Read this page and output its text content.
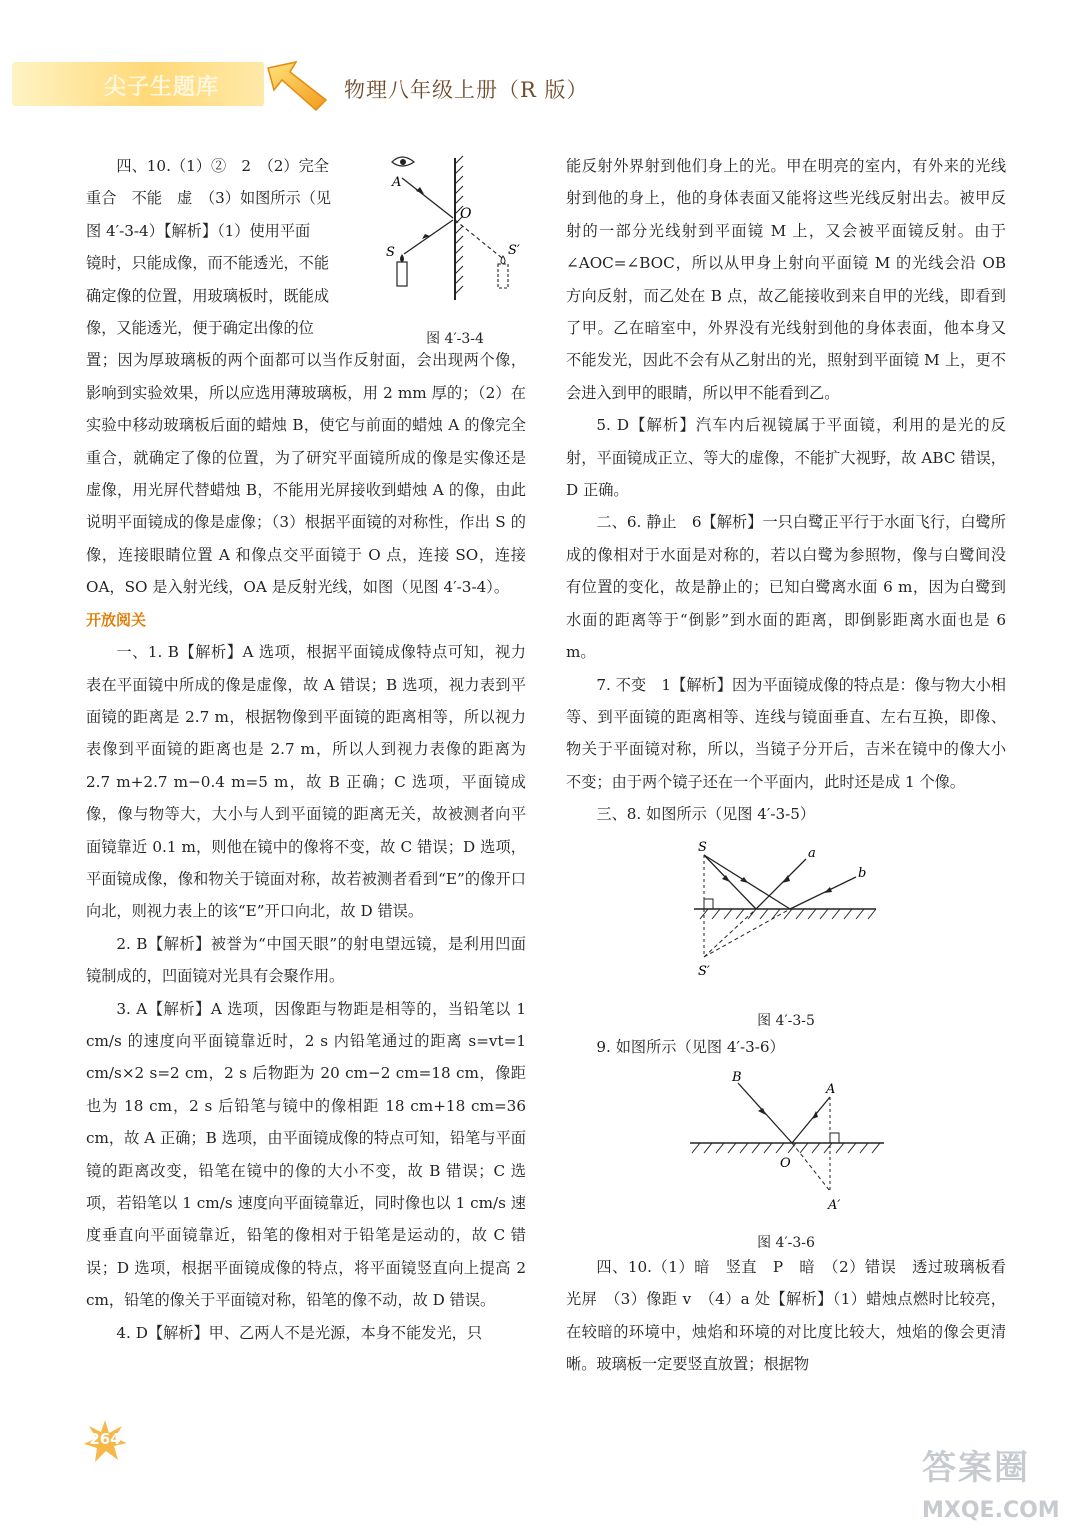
尖子生题库	物理八年级上册（R 版）

四、10.（1）②　2　（2）完全

重合　不能　虚　（3）如图所示（见

图 4′-3-4）【解析】（1）使用平面

镜时，只能成像，而不能透光，不能

确定像的位置，用玻璃板时，既能成

像，又能透光，便于确定出像的位

置；因为厚玻璃板的两个面都可以当作反射面，会出现两个像，影响到实验效果，所以应选用薄玻璃板，用 2 mm 厚的；（2）在实验中移动玻璃板后面的蜡烛 B，使它与前面的蜡烛 A 的像完全重合，就确定了像的位置，为了研究平面镜所成的像是实像还是虚像，用光屏代替蜡烛 B，不能用光屏接收到蜡烛 A 的像，由此说明平面镜成的像是虚像；（3）根据平面镜的对称性，作出 S 的像，连接眼睛位置 A 和像点交平面镜于 O 点，连接 SO，连接 OA，SO 是入射光线，OA 是反射光线，如图（见图 4′-3-4）。

开放阅关

一、1. B【解析】A 选项，根据平面镜成像特点可知，视力表在平面镜中所成的像是虚像，故 A 错误；B 选项，视力表到平面镜的距离是 2.7 m，根据物像到平面镜的距离相等，所以视力表像到平面镜的距离也是 2.7 m，所以人到视力表像的距离为 2.7 m+2.7 m−0.4 m=5 m，故 B 正确；C 选项，平面镜成像，像与物等大，大小与人到平面镜的距离无关，故被测者向平面镜靠近 0.1 m，则他在镜中的像将不变，故 C 错误；D 选项，平面镜成像，像和物关于镜面对称，故若被测者看到“E”的像开口向北，则视力表上的该“E”开口向北，故 D 错误。

2. B【解析】被誉为“中国天眼”的射电望远镜，是利用凹面镜制成的，凹面镜对光具有会聚作用。

3. A【解析】A 选项，因像距与物距是相等的，当铅笔以 1 cm/s 的速度向平面镜靠近时，2 s 内铅笔通过的距离 s=vt=1 cm/s×2 s=2 cm，2 s 后物距为 20 cm−2 cm=18 cm，像距也为 18 cm，2 s 后铅笔与镜中的像相距 18 cm+18 cm=36 cm，故 A 正确；B 选项，由平面镜成像的特点可知，铅笔与平面镜的距离改变，铅笔在镜中的像的大小不变，故 B 错误；C 选项，若铅笔以 1 cm/s 速度向平面镜靠近，同时像也以 1 cm/s 速度垂直向平面镜靠近，铅笔的像相对于铅笔是运动的，故 C 错误；D 选项，根据平面镜成像的特点，将平面镜竖直向上提高 2 cm，铅笔的像关于平面镜对称，铅笔的像不动，故 D 错误。

4. D【解析】甲、乙两人不是光源，本身不能发光，只

A
O
S	S′
图 4′-3-4

能反射外界射到他们身上的光。甲在明亮的室内，有外来的光线射到他的身上，他的身体表面又能将这些光线反射出去。被甲反射的一部分光线射到平面镜 M 上，又会被平面镜反射。由于∠AOC=∠BOC，所以从甲身上射向平面镜 M 的光线会沿 OB 方向反射，而乙处在 B 点，故乙能接收到来自甲的光线，即看到了甲。乙在暗室中，外界没有光线射到他的身体表面，他本身又不能发光，因此不会有从乙射出的光，照射到平面镜 M 上，更不会进入到甲的眼睛，所以甲不能看到乙。

5. D【解析】汽车内后视镜属于平面镜，利用的是光的反射，平面镜成正立、等大的虚像，不能扩大视野，故 ABC 错误，D 正确。

二、6. 静止　6【解析】一只白鹭正平行于水面飞行，白鹭所成的像相对于水面是对称的，若以白鹭为参照物，像与白鹭间没有位置的变化，故是静止的；已知白鹭离水面 6 m，因为白鹭到水面的距离等于“倒影”到水面的距离，即倒影距离水面也是 6 m。

7. 不变　1【解析】因为平面镜成像的特点是：像与物大小相等、到平面镜的距离相等、连线与镜面垂直、左右互换，即像、物关于平面镜对称，所以，当镜子分开后，吉米在镜中的像大小不变；由于两个镜子还在一个平面内，此时还是成 1 个像。

三、8. 如图所示（见图 4′-3-5）

S	a
b
S′
图 4′-3-5

9. 如图所示（见图 4′-3-6）

B
A
O
A′
图 4′-3-6

四、10.（1）暗　竖直　P　暗　（2）错误　透过玻璃板看光屏　（3）像距 v　（4）a 处【解析】（1）蜡烛点燃时比较亮，在较暗的环境中，烛焰和环境的对比度比较大，烛焰的像会更清晰。玻璃板一定要竖直放置；根据物

264
答案圈
MXQE.COM
